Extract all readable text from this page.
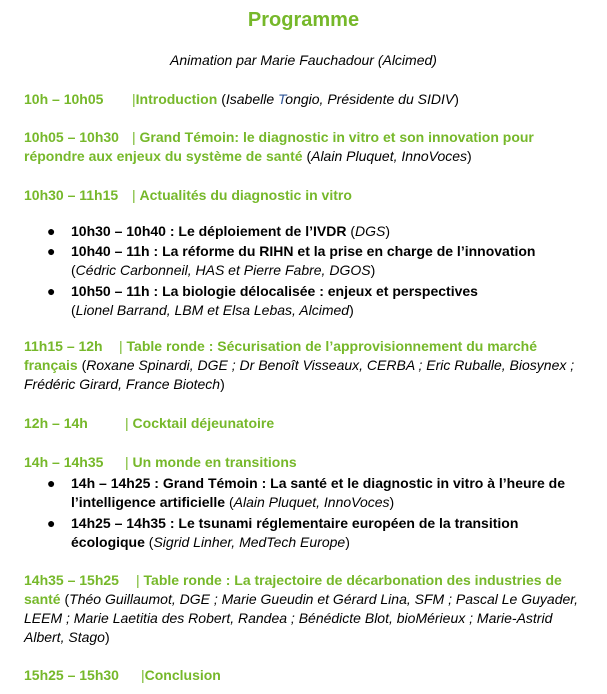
Programme
Animation par Marie Fauchadour (Alcimed)
10h – 10h05 |Introduction (Isabelle Tongio, Présidente du SIDIV)
10h05 – 10h30 | Grand Témoin: le diagnostic in vitro et son innovation pour répondre aux enjeux du système de santé (Alain Pluquet, InnoVoces)
10h30 – 11h15 | Actualités du diagnostic in vitro
● 10h30 – 10h40 : Le déploiement de l’IVDR (DGS)
● 10h40 – 11h : La réforme du RIHN et la prise en charge de l’innovation
(Cédric Carbonneil, HAS et Pierre Fabre, DGOS)
● 10h50 – 11h : La biologie délocalisée : enjeux et perspectives
(Lionel Barrand, LBM et Elsa Lebas, Alcimed)
11h15 – 12h | Table ronde : Sécurisation de l’approvisionnement du marché français (Roxane Spinardi, DGE ; Dr Benoît Visseaux, CERBA ; Eric Ruballe, Biosynex ; Frédéric Girard, France Biotech)
12h – 14h	| Cocktail déjeunatoire
14h – 14h35 | Un monde en transitions
● 14h – 14h25 : Grand Témoin : La santé et le diagnostic in vitro à l’heure de l’intelligence artificielle (Alain Pluquet, InnoVoces)
● 14h25 – 14h35 : Le tsunami réglementaire européen de la transition écologique (Sigrid Linher, MedTech Europe)
14h35 – 15h25 | Table ronde : La trajectoire de décarbonation des industries de santé (Théo Guillaumot, DGE ; Marie Gueudin et Gérard Lina, SFM ; Pascal Le Guyader, LEEM ; Marie Laetitia des Robert, Randea ; Bénédicte Blot, bioMérieux ; Marie-Astrid Albert, Stago)
15h25 – 15h30 |Conclusion
